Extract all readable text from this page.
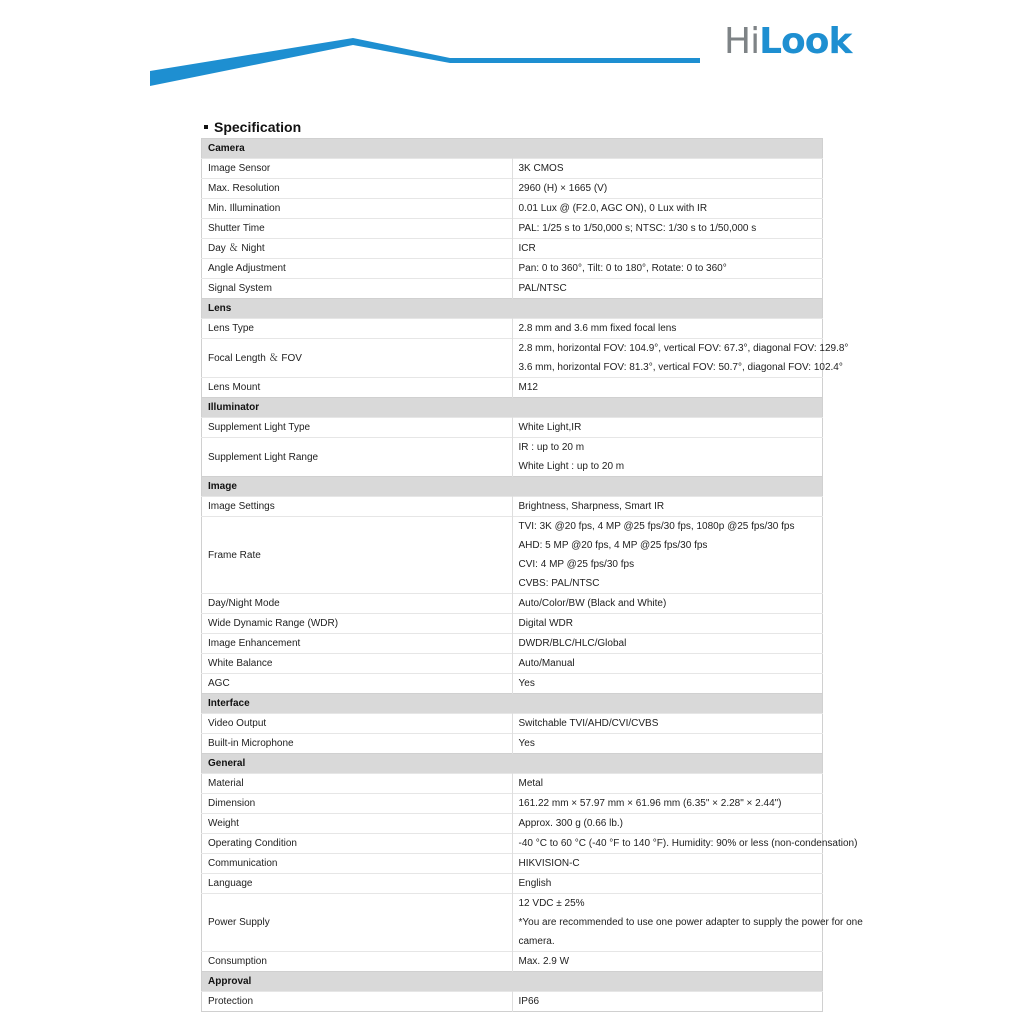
HiLook
Specification
Camera	
Image Sensor	3K CMOS

Max. Resolution	2960 (H) × 1665 (V)

Min. Illumination	0.01 Lux @ (F2.0, AGC ON), 0 Lux with IR

Shutter Time	PAL: 1/25 s to 1/50,000 s; NTSC: 1/30 s to 1/50,000 s

Day ＆ Night	ICR

Angle Adjustment	Pan: 0 to 360°, Tilt: 0 to 180°, Rotate: 0 to 360°

Signal System	PAL/NTSC

Lens	
Lens Type	2.8 mm and 3.6 mm fixed focal lens

Focal Length ＆ FOV	2.8 mm, horizontal FOV: 104.9°, vertical FOV: 67.3°, diagonal FOV: 129.8°
3.6 mm, horizontal FOV: 81.3°, vertical FOV: 50.7°, diagonal FOV: 102.4°

Lens Mount	M12

Illuminator	
Supplement Light Type	White Light,IR

Supplement Light Range	IR : up to 20 m
White Light : up to 20 m

Image	
Image Settings	Brightness, Sharpness, Smart IR

Frame Rate	TVI: 3K @20 fps, 4 MP @25 fps/30 fps, 1080p @25 fps/30 fps
AHD: 5 MP @20 fps, 4 MP @25 fps/30 fps
CVI: 4 MP @25 fps/30 fps
CVBS: PAL/NTSC

Day/Night Mode	Auto/Color/BW (Black and White)

Wide Dynamic Range (WDR)	Digital WDR

Image Enhancement	DWDR/BLC/HLC/Global

White Balance	Auto/Manual

AGC	Yes

Interface	
Video Output	Switchable TVI/AHD/CVI/CVBS

Built-in Microphone	Yes

General	
Material	Metal

Dimension	161.22 mm × 57.97 mm × 61.96 mm (6.35" × 2.28" × 2.44")

Weight	Approx. 300 g (0.66 lb.)

Operating Condition	-40 °C to 60 °C (-40 °F to 140 °F). Humidity: 90% or less (non-condensation)

Communication	HIKVISION-C

Language	English

Power Supply	12 VDC ± 25%
*You are recommended to use one power adapter to supply the power for one
camera.

Consumption	Max. 2.9 W

Approval	
Protection	IP66
